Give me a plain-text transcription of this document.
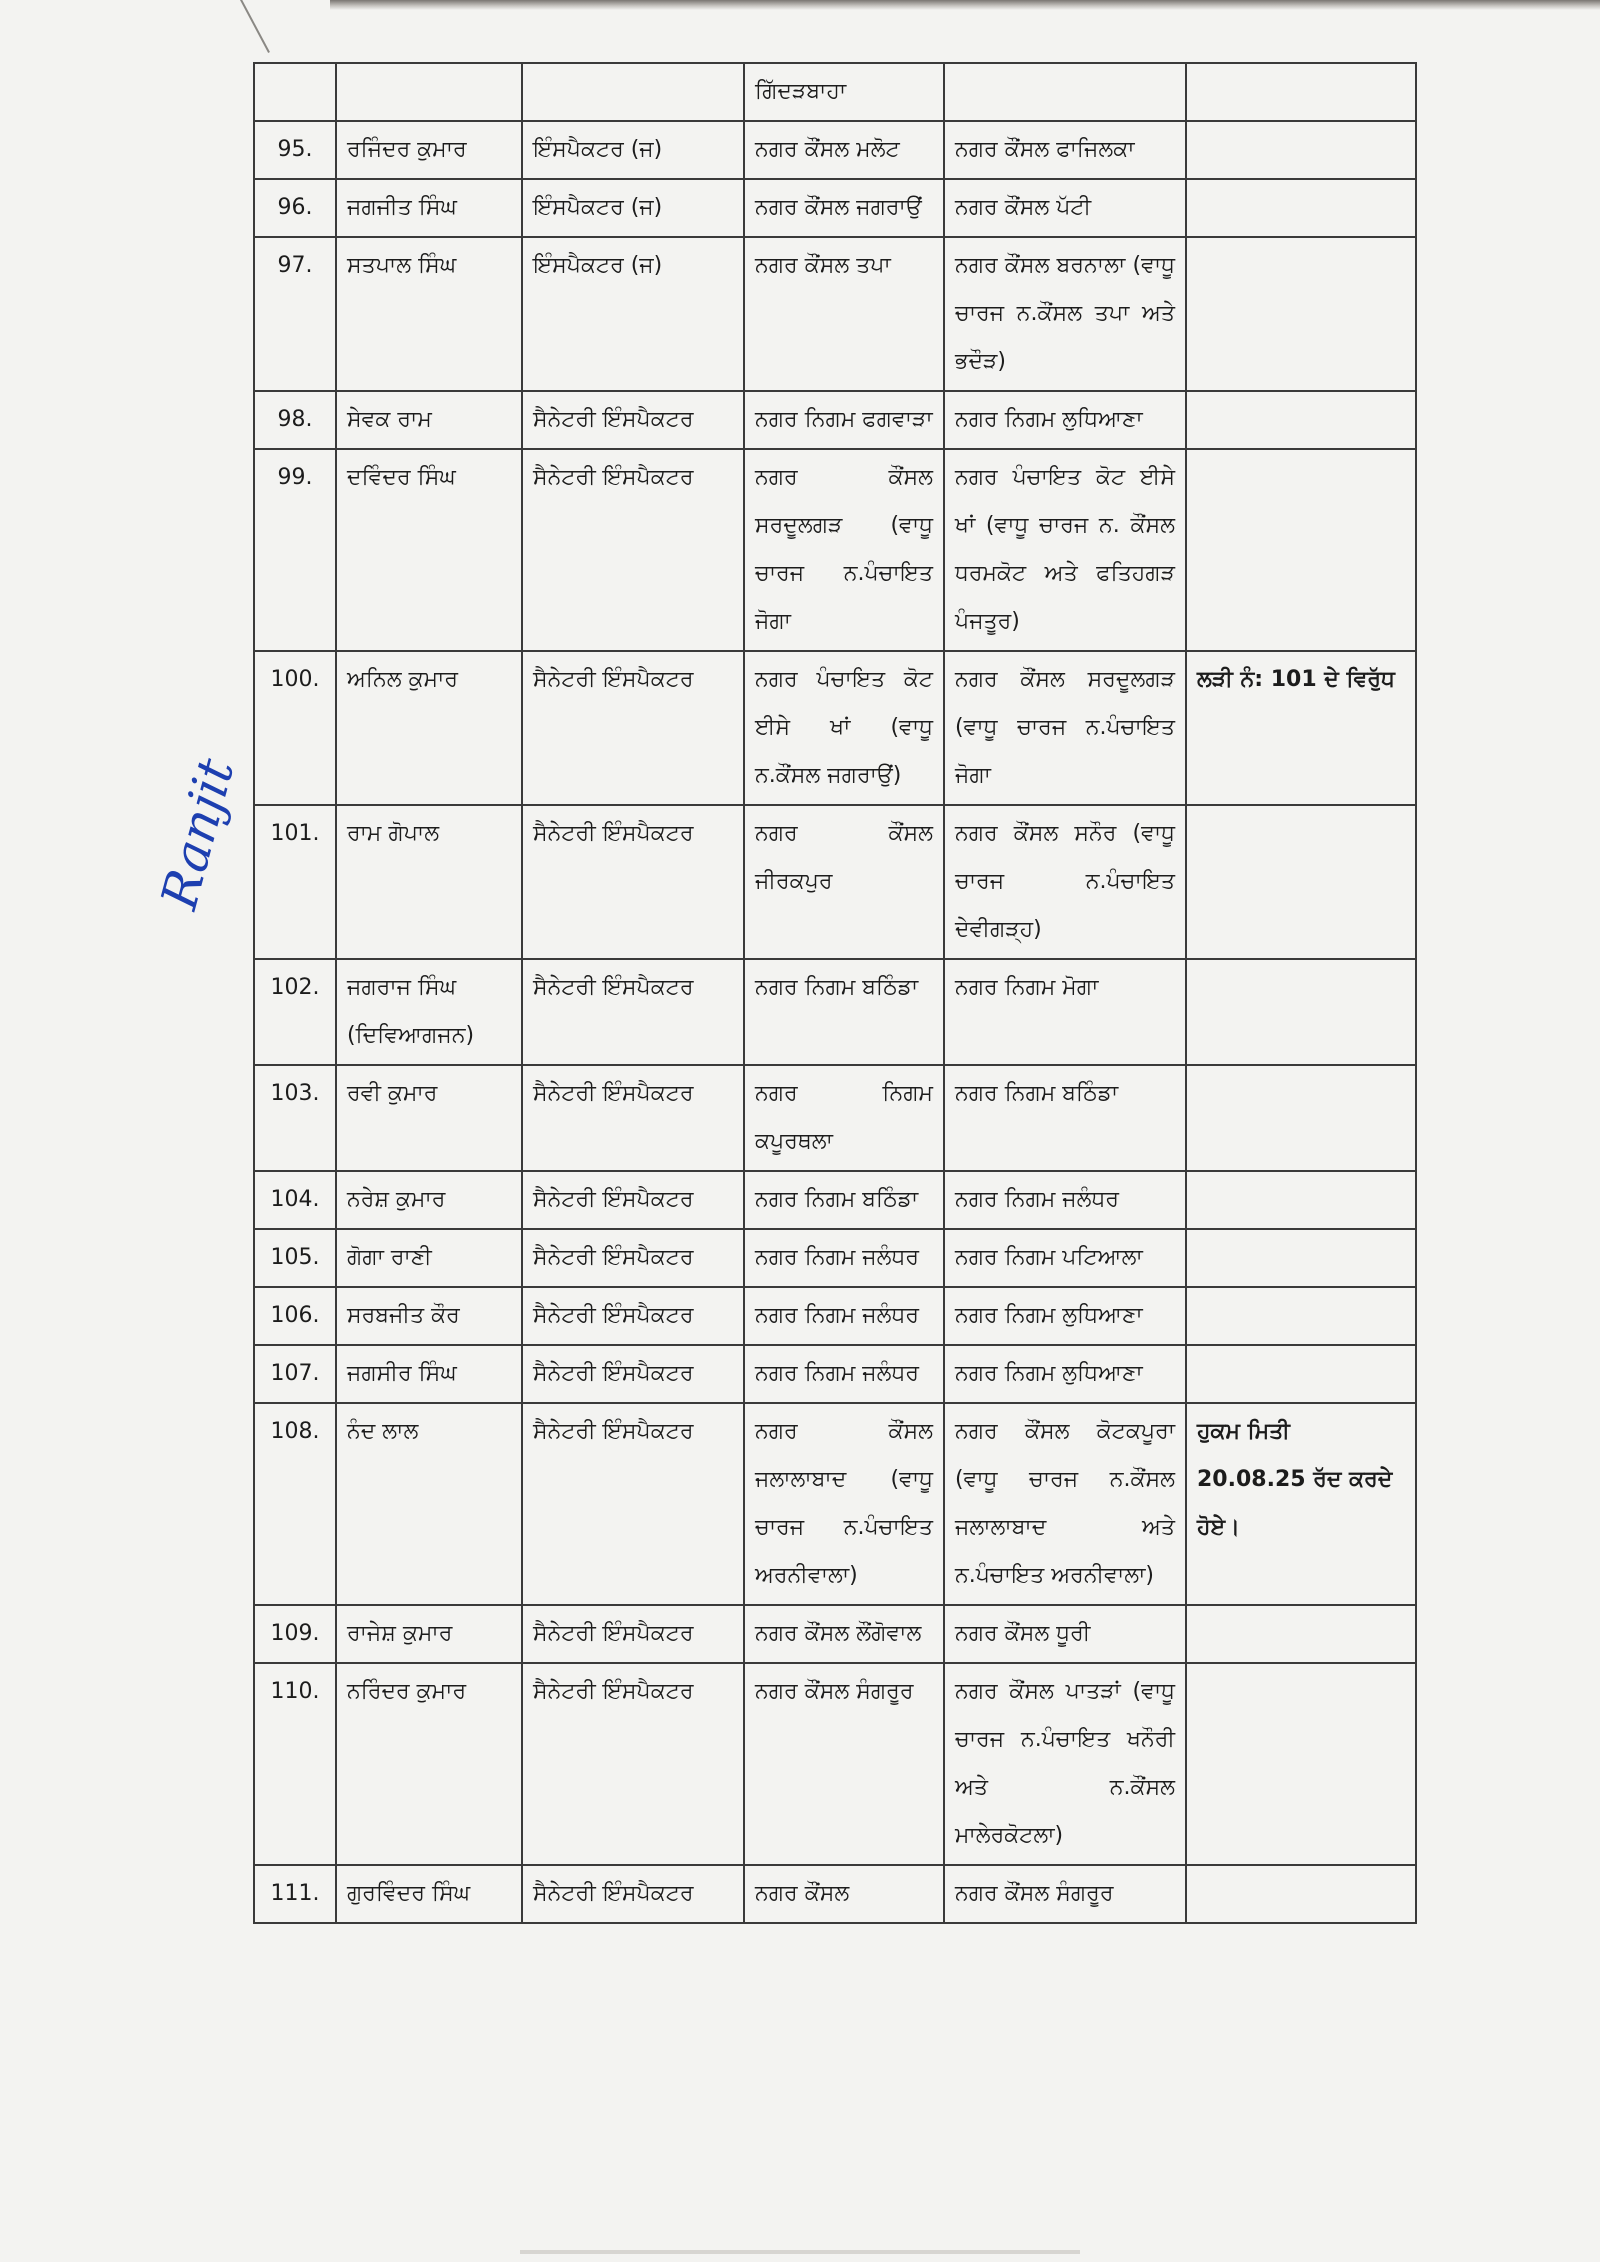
			ਗਿੱਦੜਬਾਹਾ		
95.	ਰਜਿੰਦਰ ਕੁਮਾਰ	ਇੰਸਪੈਕਟਰ (ਜ)	ਨਗਰ ਕੌਂਸਲ ਮਲੋਟ	ਨਗਰ ਕੌਂਸਲ ਫਾਜਿਲਕਾ	
96.	ਜਗਜੀਤ ਸਿੰਘ	ਇੰਸਪੈਕਟਰ (ਜ)	ਨਗਰ ਕੌਂਸਲ ਜਗਰਾਉਂ	ਨਗਰ ਕੌਂਸਲ ਪੱਟੀ	
97.	ਸਤਪਾਲ ਸਿੰਘ	ਇੰਸਪੈਕਟਰ (ਜ)	ਨਗਰ ਕੌਂਸਲ ਤਪਾ	ਨਗਰ ਕੌਂਸਲ ਬਰਨਾਲਾ (ਵਾਧੂ ਚਾਰਜ ਨ.ਕੌਂਸਲ ਤਪਾ ਅਤੇ ਭਦੌੜ)	
98.	ਸੇਵਕ ਰਾਮ	ਸੈਨੇਟਰੀ ਇੰਸਪੈਕਟਰ	ਨਗਰ ਨਿਗਮ ਫਗਵਾੜਾ	ਨਗਰ ਨਿਗਮ ਲੁਧਿਆਣਾ	
99.	ਦਵਿੰਦਰ ਸਿੰਘ	ਸੈਨੇਟਰੀ ਇੰਸਪੈਕਟਰ	ਨਗਰ ਕੌਂਸਲ ਸਰਦੂਲਗੜ (ਵਾਧੂ ਚਾਰਜ ਨ.ਪੰਚਾਇਤ ਜੋਗਾ	ਨਗਰ ਪੰਚਾਇਤ ਕੋਟ ਈਸੇ ਖਾਂ (ਵਾਧੂ ਚਾਰਜ ਨ. ਕੌਂਸਲ ਧਰਮਕੋਟ ਅਤੇ ਫਤਿਹਗੜ ਪੰਜਤੂਰ)	
100.	ਅਨਿਲ ਕੁਮਾਰ	ਸੈਨੇਟਰੀ ਇੰਸਪੈਕਟਰ	ਨਗਰ ਪੰਚਾਇਤ ਕੋਟ ਈਸੇ ਖਾਂ (ਵਾਧੂ ਨ.ਕੌਂਸਲ ਜਗਰਾਉਂ)	ਨਗਰ ਕੌਂਸਲ ਸਰਦੂਲਗੜ (ਵਾਧੂ ਚਾਰਜ ਨ.ਪੰਚਾਇਤ ਜੋਗਾ	ਲੜੀ ਨੰ: 101 ਦੇ ਵਿਰੁੱਧ
101.	ਰਾਮ ਗੋਪਾਲ	ਸੈਨੇਟਰੀ ਇੰਸਪੈਕਟਰ	ਨਗਰ ਕੌਂਸਲ ਜੀਰਕਪੁਰ	ਨਗਰ ਕੌਂਸਲ ਸਨੌਰ (ਵਾਧੂ ਚਾਰਜ ਨ.ਪੰਚਾਇਤ ਦੇਵੀਗੜ੍ਹ)	
102.	ਜਗਰਾਜ ਸਿੰਘ (ਦਿਵਿਆਗਜਨ)	ਸੈਨੇਟਰੀ ਇੰਸਪੈਕਟਰ	ਨਗਰ ਨਿਗਮ ਬਠਿੰਡਾ	ਨਗਰ ਨਿਗਮ ਮੋਗਾ	
103.	ਰਵੀ ਕੁਮਾਰ	ਸੈਨੇਟਰੀ ਇੰਸਪੈਕਟਰ	ਨਗਰ ਨਿਗਮ ਕਪੂਰਥਲਾ	ਨਗਰ ਨਿਗਮ ਬਠਿੰਡਾ	
104.	ਨਰੇਸ਼ ਕੁਮਾਰ	ਸੈਨੇਟਰੀ ਇੰਸਪੈਕਟਰ	ਨਗਰ ਨਿਗਮ ਬਠਿੰਡਾ	ਨਗਰ ਨਿਗਮ ਜਲੰਧਰ	
105.	ਗੋਗਾ ਰਾਣੀ	ਸੈਨੇਟਰੀ ਇੰਸਪੈਕਟਰ	ਨਗਰ ਨਿਗਮ ਜਲੰਧਰ	ਨਗਰ ਨਿਗਮ ਪਟਿਆਲਾ	
106.	ਸਰਬਜੀਤ ਕੌਰ	ਸੈਨੇਟਰੀ ਇੰਸਪੈਕਟਰ	ਨਗਰ ਨਿਗਮ ਜਲੰਧਰ	ਨਗਰ ਨਿਗਮ ਲੁਧਿਆਣਾ	
107.	ਜਗਸੀਰ ਸਿੰਘ	ਸੈਨੇਟਰੀ ਇੰਸਪੈਕਟਰ	ਨਗਰ ਨਿਗਮ ਜਲੰਧਰ	ਨਗਰ ਨਿਗਮ ਲੁਧਿਆਣਾ	
108.	ਨੰਦ ਲਾਲ	ਸੈਨੇਟਰੀ ਇੰਸਪੈਕਟਰ	ਨਗਰ ਕੌਂਸਲ ਜਲਾਲਾਬਾਦ (ਵਾਧੂ ਚਾਰਜ ਨ.ਪੰਚਾਇਤ ਅਰਨੀਵਾਲਾ)	ਨਗਰ ਕੌਂਸਲ ਕੋਟਕਪੂਰਾ (ਵਾਧੂ ਚਾਰਜ ਨ.ਕੌਂਸਲ ਜਲਾਲਾਬਾਦ ਅਤੇ ਨ.ਪੰਚਾਇਤ ਅਰਨੀਵਾਲਾ)	ਹੁਕਮ ਮਿਤੀ 20.08.25 ਰੱਦ ਕਰਦੇ ਹੋਏ।
109.	ਰਾਜੇਸ਼ ਕੁਮਾਰ	ਸੈਨੇਟਰੀ ਇੰਸਪੈਕਟਰ	ਨਗਰ ਕੌਂਸਲ ਲੌਂਗੋਵਾਲ	ਨਗਰ ਕੌਂਸਲ ਧੂਰੀ	
110.	ਨਰਿੰਦਰ ਕੁਮਾਰ	ਸੈਨੇਟਰੀ ਇੰਸਪੈਕਟਰ	ਨਗਰ ਕੌਂਸਲ ਸੰਗਰੂਰ	ਨਗਰ ਕੌਂਸਲ ਪਾਤੜਾਂ (ਵਾਧੂ ਚਾਰਜ ਨ.ਪੰਚਾਇਤ ਖਨੌਰੀ ਅਤੇ ਨ.ਕੌਂਸਲ ਮਾਲੇਰਕੋਟਲਾ)	
111.	ਗੁਰਵਿੰਦਰ ਸਿੰਘ	ਸੈਨੇਟਰੀ ਇੰਸਪੈਕਟਰ	ਨਗਰ ਕੌਂਸਲ	ਨਗਰ ਕੌਂਸਲ ਸੰਗਰੂਰ	
Ranjit
